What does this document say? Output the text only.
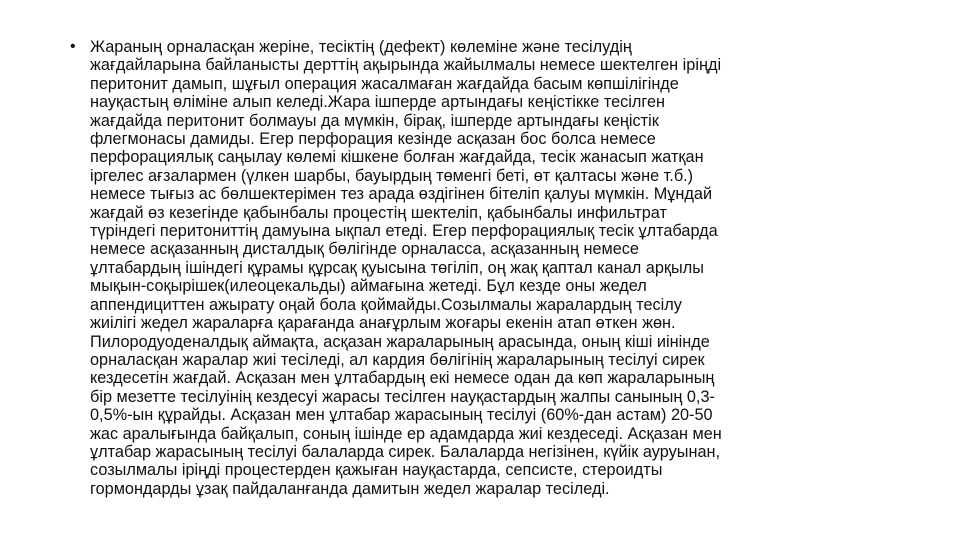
• Жараның орналасқан жеріне, тесіктің (дефект) көлеміне және тесілудің
жағдайларына байланысты дерттің ақырында жайылмалы немесе шектелген іріңді
перитонит дамып, шұғыл операция жасалмаған жағдайда басым көпшілігінде
науқастың өліміне алып келеді.Жара ішперде артындағы кеңістікке тесілген
жағдайда перитонит болмауы да мүмкін, бірақ, ішперде артындағы кеңістік
флегмонасы дамиды. Егер перфорация кезінде асқазан бос болса немесе
перфорациялық саңылау көлемі кішкене болған жағдайда, тесік жанасып жатқан
іргелес ағзалармен (үлкен шарбы, бауырдың төменгі беті, өт қалтасы және т.б.)
немесе тығыз ас бөлшектерімен тез арада өздігінен бітеліп қалуы мүмкін. Мұндай
жағдай өз кезегінде қабынбалы процестің шектеліп, қабынбалы инфильтрат
түріндегі перитониттің дамуына ықпал етеді. Егер перфорациялық тесік ұлтабарда
немесе асқазанның дисталдық бөлігінде орналасса, асқазанның немесе
ұлтабардың ішіндегі құрамы құрсақ қуысына төгіліп, оң жақ қаптал канал арқылы
мықын-соқырішек(илеоцекальды) аймағына жетеді. Бұл кезде оны жедел
аппендициттен ажырату оңай бола қоймайды.Созылмалы жаралардың тесілу
жиілігі жедел жараларға қарағанда анағұрлым жоғары екенін атап өткен жөн.
Пилородуоденалдық аймақта, асқазан жараларының арасында, оның кіші иінінде
орналасқан жаралар жиі тесіледі, ал кардия бөлігінің жараларының тесілуі сирек
кездесетін жағдай. Асқазан мен ұлтабардың екі немесе одан да көп жараларының
бір мезетте тесілуінің кездесуі жарасы тесілген науқастардың жалпы санының 0,3-
0,5%-ын құрайды. Асқазан мен ұлтабар жарасының тесілуі (60%-дан астам) 20-50
жас аралығында байқалып, соның ішінде ер адамдарда жиі кездеседі. Асқазан мен
ұлтабар жарасының тесілуі балаларда сирек. Балаларда негізінен, күйік ауруынан,
созылмалы іріңді процестерден қажыған науқастарда, сепсисте, стероидты
гормондарды ұзақ пайдаланғанда дамитын жедел жаралар тесіледі.
